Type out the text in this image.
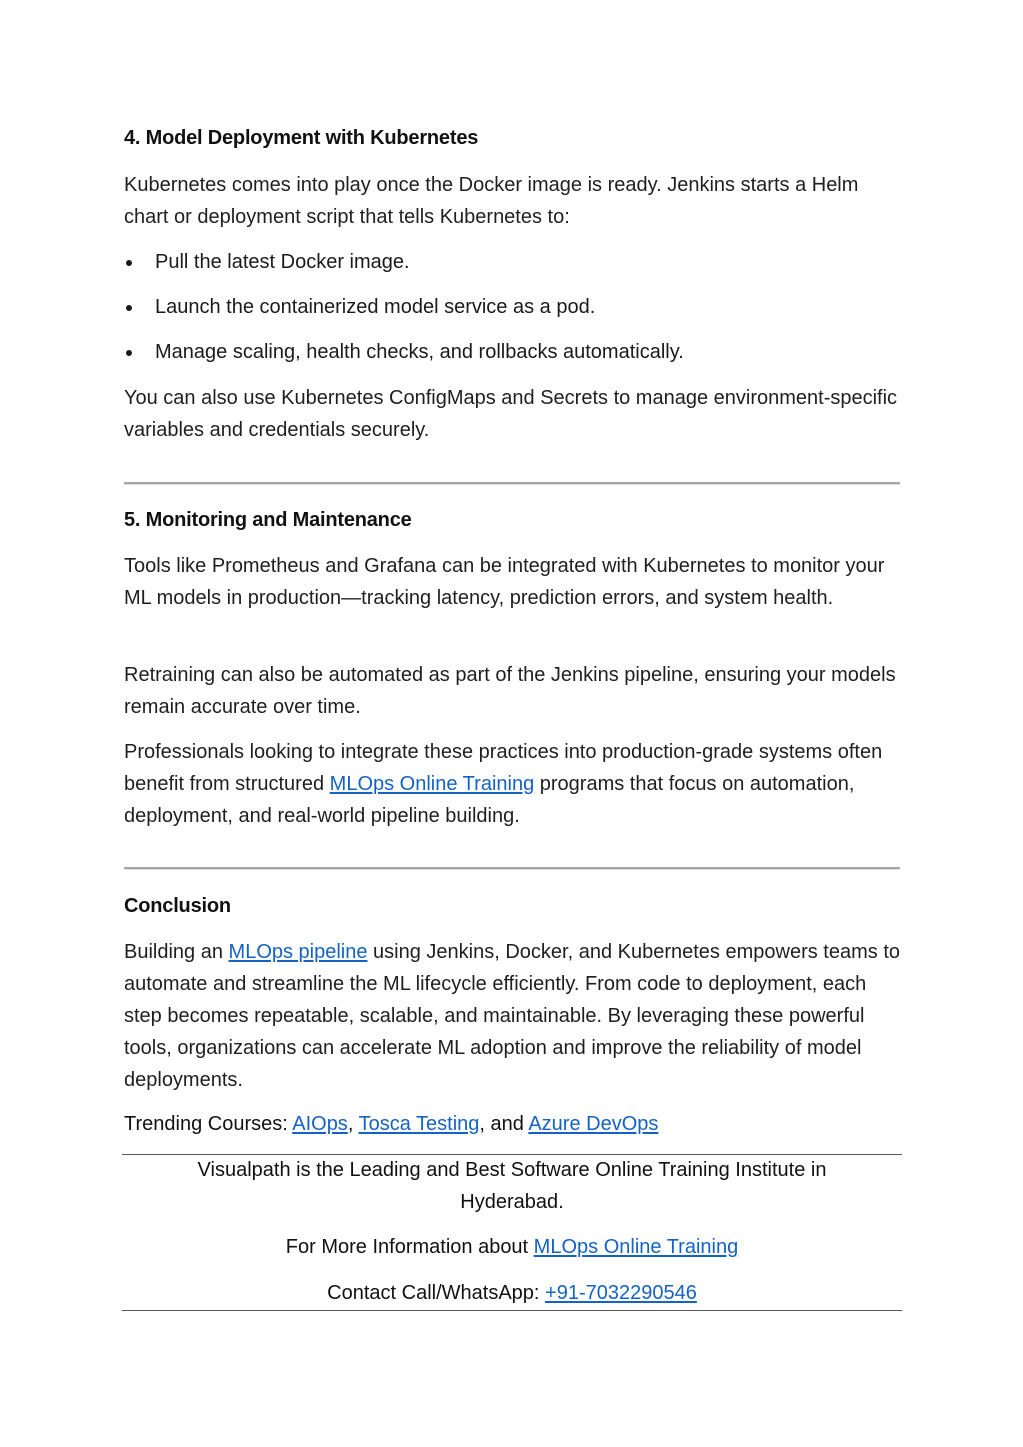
4. Model Deployment with Kubernetes

Kubernetes comes into play once the Docker image is ready. Jenkins starts a Helm chart or deployment script that tells Kubernetes to:

Pull the latest Docker image.
Launch the containerized model service as a pod.
Manage scaling, health checks, and rollbacks automatically.

You can also use Kubernetes ConfigMaps and Secrets to manage environment-specific variables and credentials securely.

5. Monitoring and Maintenance

Tools like Prometheus and Grafana can be integrated with Kubernetes to monitor your ML models in production—tracking latency, prediction errors, and system health.

Retraining can also be automated as part of the Jenkins pipeline, ensuring your models remain accurate over time.

Professionals looking to integrate these practices into production-grade systems often benefit from structured MLOps Online Training programs that focus on automation, deployment, and real-world pipeline building.

Conclusion

Building an MLOps pipeline using Jenkins, Docker, and Kubernetes empowers teams to automate and streamline the ML lifecycle efficiently. From code to deployment, each step becomes repeatable, scalable, and maintainable. By leveraging these powerful tools, organizations can accelerate ML adoption and improve the reliability of model deployments.

Trending Courses: AIOps, Tosca Testing, and Azure DevOps

Visualpath is the Leading and Best Software Online Training Institute in Hyderabad.
For More Information about MLOps Online Training
Contact Call/WhatsApp: +91-7032290546
